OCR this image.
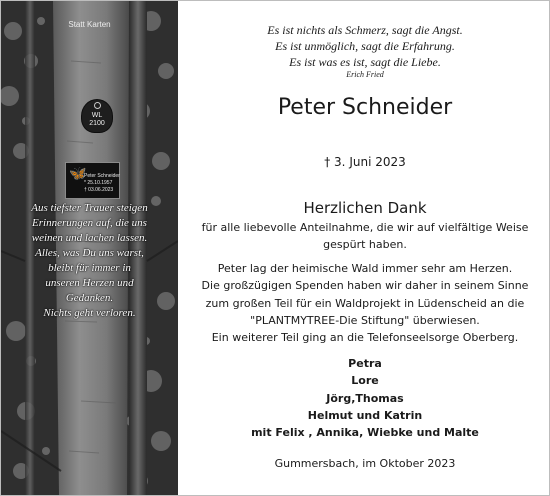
Statt Karten
WL
2100
🦋
Peter Schneider
* 25.10.1957
† 03.06.2023
Aus tiefster Trauer steigen
Erinnerungen auf, die uns
weinen und lachen lassen.
Alles, was Du uns warst,
bleibt für immer in
unseren Herzen und
Gedanken.
Nichts geht verloren.
Es ist nichts als Schmerz, sagt die Angst.
Es ist unmöglich, sagt die Erfahrung.
Es ist was es ist, sagt die Liebe.
Erich Fried
Peter Schneider
† 3. Juni 2023
Herzlichen Dank
für alle liebevolle Anteilnahme, die wir auf vielfältige Weise
gespürt haben.
Peter lag der heimische Wald immer sehr am Herzen.
Die großzügigen Spenden haben wir daher in seinem Sinne
zum großen Teil für ein Waldprojekt in Lüdenscheid an die
"PLANTMYTREE-Die Stiftung" überwiesen.
Ein weiterer Teil ging an die Telefonseelsorge Oberberg.
Petra
Lore
Jörg,Thomas
Helmut und Katrin
mit Felix , Annika, Wiebke und Malte
Gummersbach, im Oktober 2023
